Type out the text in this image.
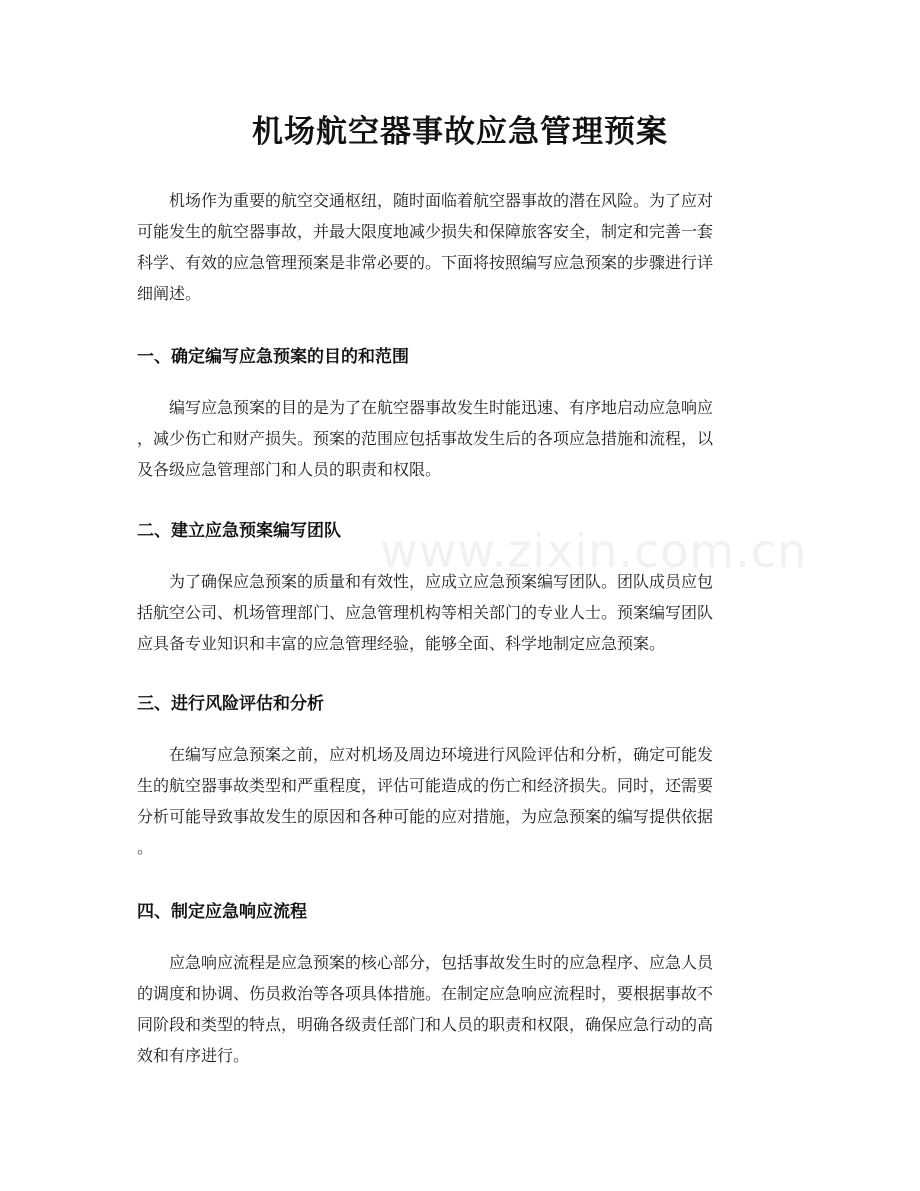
www.zixin.com.cn
机场航空器事故应急管理预案
　　机场作为重要的航空交通枢纽，随时面临着航空器事故的潜在风险。为了应对
可能发生的航空器事故，并最大限度地减少损失和保障旅客安全，制定和完善一套
科学、有效的应急管理预案是非常必要的。下面将按照编写应急预案的步骤进行详
细阐述。
一、确定编写应急预案的目的和范围
　　编写应急预案的目的是为了在航空器事故发生时能迅速、有序地启动应急响应
，减少伤亡和财产损失。预案的范围应包括事故发生后的各项应急措施和流程，以
及各级应急管理部门和人员的职责和权限。
二、建立应急预案编写团队
　　为了确保应急预案的质量和有效性，应成立应急预案编写团队。团队成员应包
括航空公司、机场管理部门、应急管理机构等相关部门的专业人士。预案编写团队
应具备专业知识和丰富的应急管理经验，能够全面、科学地制定应急预案。
三、进行风险评估和分析
　　在编写应急预案之前，应对机场及周边环境进行风险评估和分析，确定可能发
生的航空器事故类型和严重程度，评估可能造成的伤亡和经济损失。同时，还需要
分析可能导致事故发生的原因和各种可能的应对措施，为应急预案的编写提供依据
。
四、制定应急响应流程
　　应急响应流程是应急预案的核心部分，包括事故发生时的应急程序、应急人员
的调度和协调、伤员救治等各项具体措施。在制定应急响应流程时，要根据事故不
同阶段和类型的特点，明确各级责任部门和人员的职责和权限，确保应急行动的高
效和有序进行。
